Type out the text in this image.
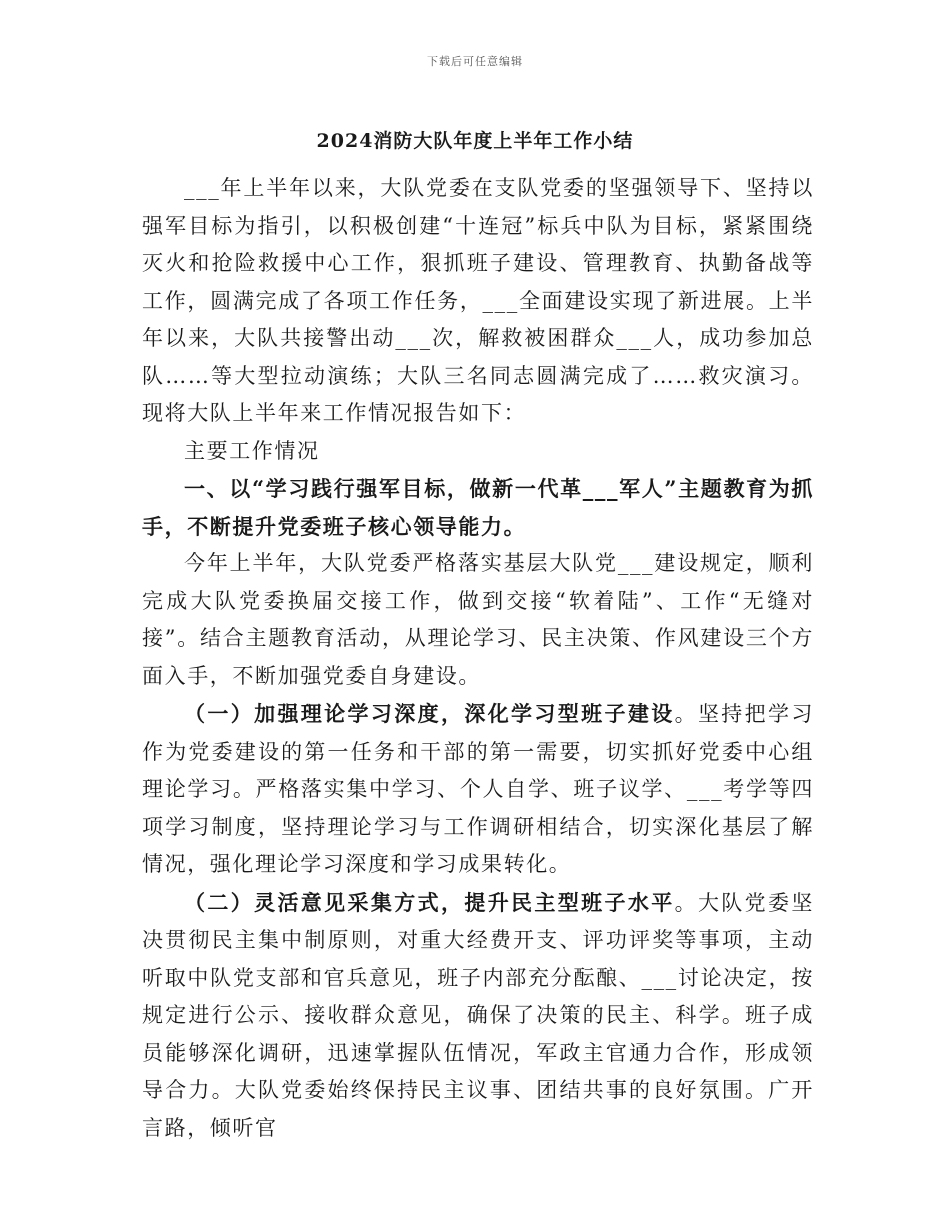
下载后可任意编辑
2024消防大队年度上半年工作小结

___年上半年以来，大队党委在支队党委的坚强领导下、坚持以强军目标为指引，以积极创建“十连冠”标兵中队为目标，紧紧围绕灭火和抢险救援中心工作，狠抓班子建设、管理教育、执勤备战等工作，圆满完成了各项工作任务，___全面建设实现了新进展。上半年以来，大队共接警出动___次，解救被困群众___人，成功参加总队……等大型拉动演练；大队三名同志圆满完成了……救灾演习。现将大队上半年来工作情况报告如下：

主要工作情况

一、以“学习践行强军目标，做新一代革___军人”主题教育为抓手，不断提升党委班子核心领导能力。

今年上半年，大队党委严格落实基层大队党___建设规定，顺利完成大队党委换届交接工作，做到交接“软着陆”、工作“无缝对接”。结合主题教育活动，从理论学习、民主决策、作风建设三个方面入手，不断加强党委自身建设。

（一）加强理论学习深度，深化学习型班子建设。坚持把学习作为党委建设的第一任务和干部的第一需要，切实抓好党委中心组理论学习。严格落实集中学习、个人自学、班子议学、___考学等四项学习制度，坚持理论学习与工作调研相结合，切实深化基层了解情况，强化理论学习深度和学习成果转化。

（二）灵活意见采集方式，提升民主型班子水平。大队党委坚决贯彻民主集中制原则，对重大经费开支、评功评奖等事项，主动听取中队党支部和官兵意见，班子内部充分酝酿、___讨论决定，按规定进行公示、接收群众意见，确保了决策的民主、科学。班子成员能够深化调研，迅速掌握队伍情况，军政主官通力合作，形成领导合力。大队党委始终保持民主议事、团结共事的良好氛围。广开言路，倾听官
